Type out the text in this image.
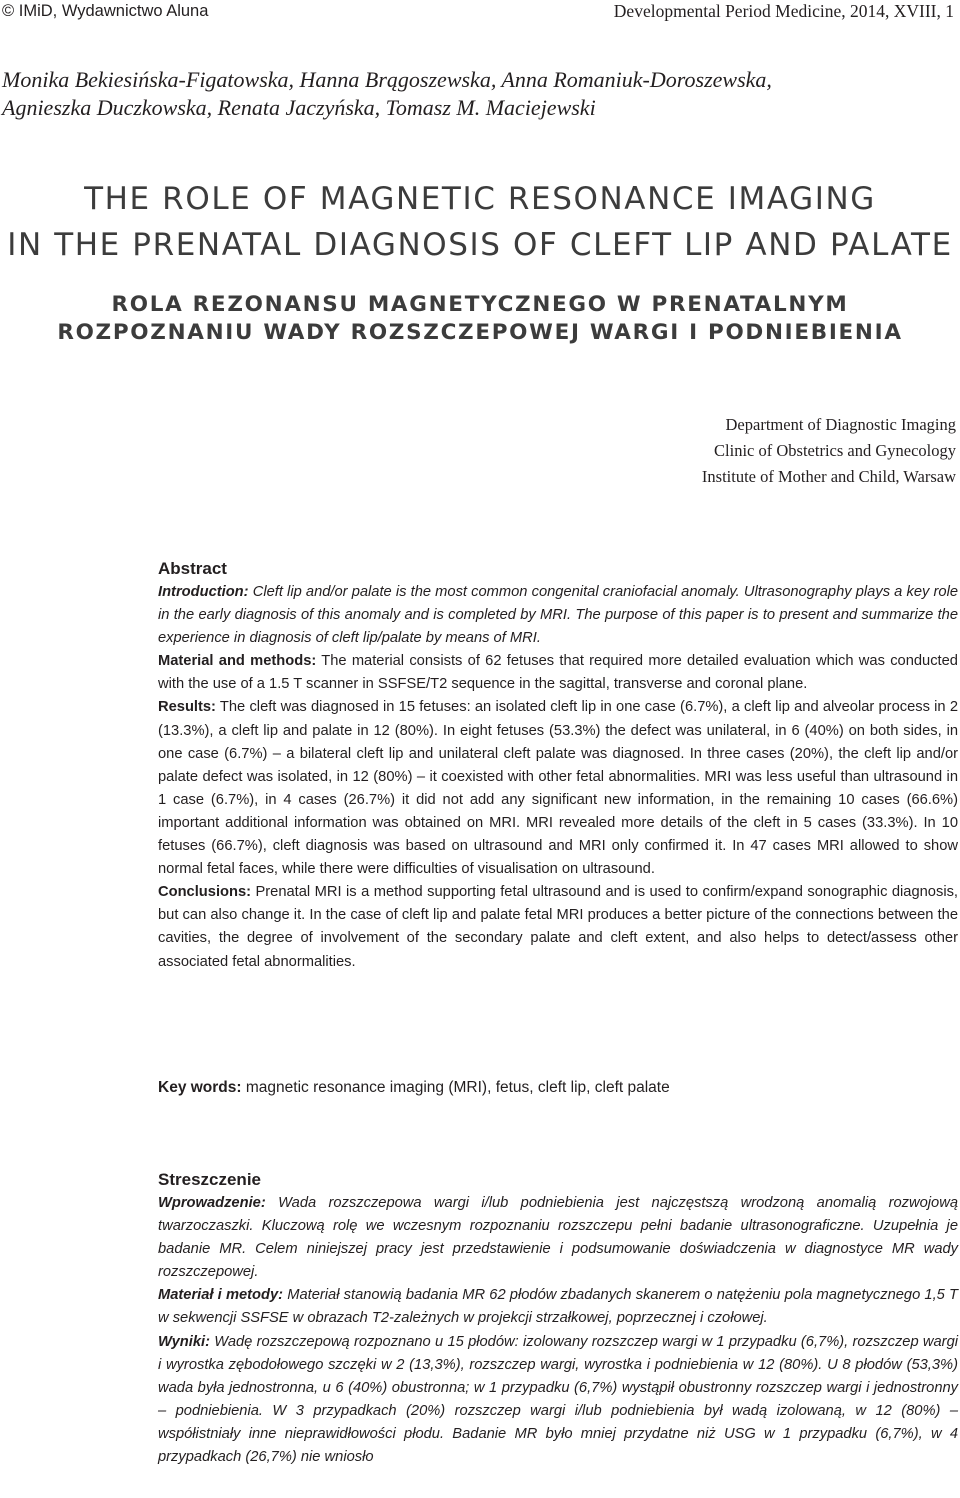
© IMiD, Wydawnictwo Aluna	Developmental Period Medicine, 2014, XVIII, 1
Monika Bekiesińska-Figatowska, Hanna Brągoszewska, Anna Romaniuk-Doroszewska,
Agnieszka Duczkowska, Renata Jaczyńska, Tomasz M. Maciejewski
THE ROLE OF MAGNETIC RESONANCE IMAGING
IN THE PRENATAL DIAGNOSIS OF CLEFT LIP AND PALATE
ROLA REZONANSU MAGNETYCZNEGO W PRENATALNYM
ROZPOZNANIU WADY ROZSZCZEPOWEJ WARGI I PODNIEBIENIA
Department of Diagnostic Imaging
Clinic of Obstetrics and Gynecology
Institute of Mother and Child, Warsaw

Abstract

Introduction: Cleft lip and/or palate is the most common congenital craniofacial anomaly. Ultrasonography plays a key role in the early diagnosis of this anomaly and is completed by MRI. The purpose of this paper is to present and summarize the experience in diagnosis of cleft lip/palate by means of MRI.

Material and methods: The material consists of 62 fetuses that required more detailed evaluation which was conducted with the use of a 1.5 T scanner in SSFSE/T2 sequence in the sagittal, transverse and coronal plane.

Results: The cleft was diagnosed in 15 fetuses: an isolated cleft lip in one case (6.7%), a cleft lip and alveolar process in 2 (13.3%), a cleft lip and palate in 12 (80%). In eight fetuses (53.3%) the defect was unilateral, in 6 (40%) on both sides, in one case (6.7%) – a bilateral cleft lip and unilateral cleft palate was diagnosed. In three cases (20%), the cleft lip and/or palate defect was isolated, in 12 (80%) – it coexisted with other fetal abnormalities. MRI was less useful than ultrasound in 1 case (6.7%), in 4 cases (26.7%) it did not add any significant new information, in the remaining 10 cases (66.6%) important additional information was obtained on MRI. MRI revealed more details of the cleft in 5 cases (33.3%). In 10 fetuses (66.7%), cleft diagnosis was based on ultrasound and MRI only confirmed it. In 47 cases MRI allowed to show normal fetal faces, while there were difficulties of visualisation on ultrasound.

Conclusions: Prenatal MRI is a method supporting fetal ultrasound and is used to confirm/expand sonographic diagnosis, but can also change it. In the case of cleft lip and palate fetal MRI produces a better picture of the connections between the cavities, the degree of involvement of the secondary palate and cleft extent, and also helps to detect/assess other associated fetal abnormalities.

Key words: magnetic resonance imaging (MRI), fetus, cleft lip, cleft palate

Streszczenie

Wprowadzenie: Wada rozszczepowa wargi i/lub podniebienia jest najczęstszą wrodzoną anomalią rozwojową twarzoczaszki. Kluczową rolę we wczesnym rozpoznaniu rozszczepu pełni badanie ultrasonograficzne. Uzupełnia je badanie MR. Celem niniejszej pracy jest przedstawienie i podsumowanie doświadczenia w diagnostyce MR wady rozszczepowej.

Materiał i metody: Materiał stanowią badania MR 62 płodów zbadanych skanerem o natężeniu pola magnetycznego 1,5 T w sekwencji SSFSE w obrazach T2-zależnych w projekcji strzałkowej, poprzecznej i czołowej.

Wyniki: Wadę rozszczepową rozpoznano u 15 płodów: izolowany rozszczep wargi w 1 przypadku (6,7%), rozszczep wargi i wyrostka zębodołowego szczęki w 2 (13,3%), rozszczep wargi, wyrostka i podniebienia w 12 (80%). U 8 płodów (53,3%) wada była jednostronna, u 6 (40%) obustronna; w 1 przypadku (6,7%) wystąpił obustronny rozszczep wargi i jednostronny – podniebienia. W 3 przypadkach (20%) rozszczep wargi i/lub podniebienia był wadą izolowaną, w 12 (80%) – współistniały inne nieprawidłowości płodu. Badanie MR było mniej przydatne niż USG w 1 przypadku (6,7%), w 4 przypadkach (26,7%) nie wniosło
